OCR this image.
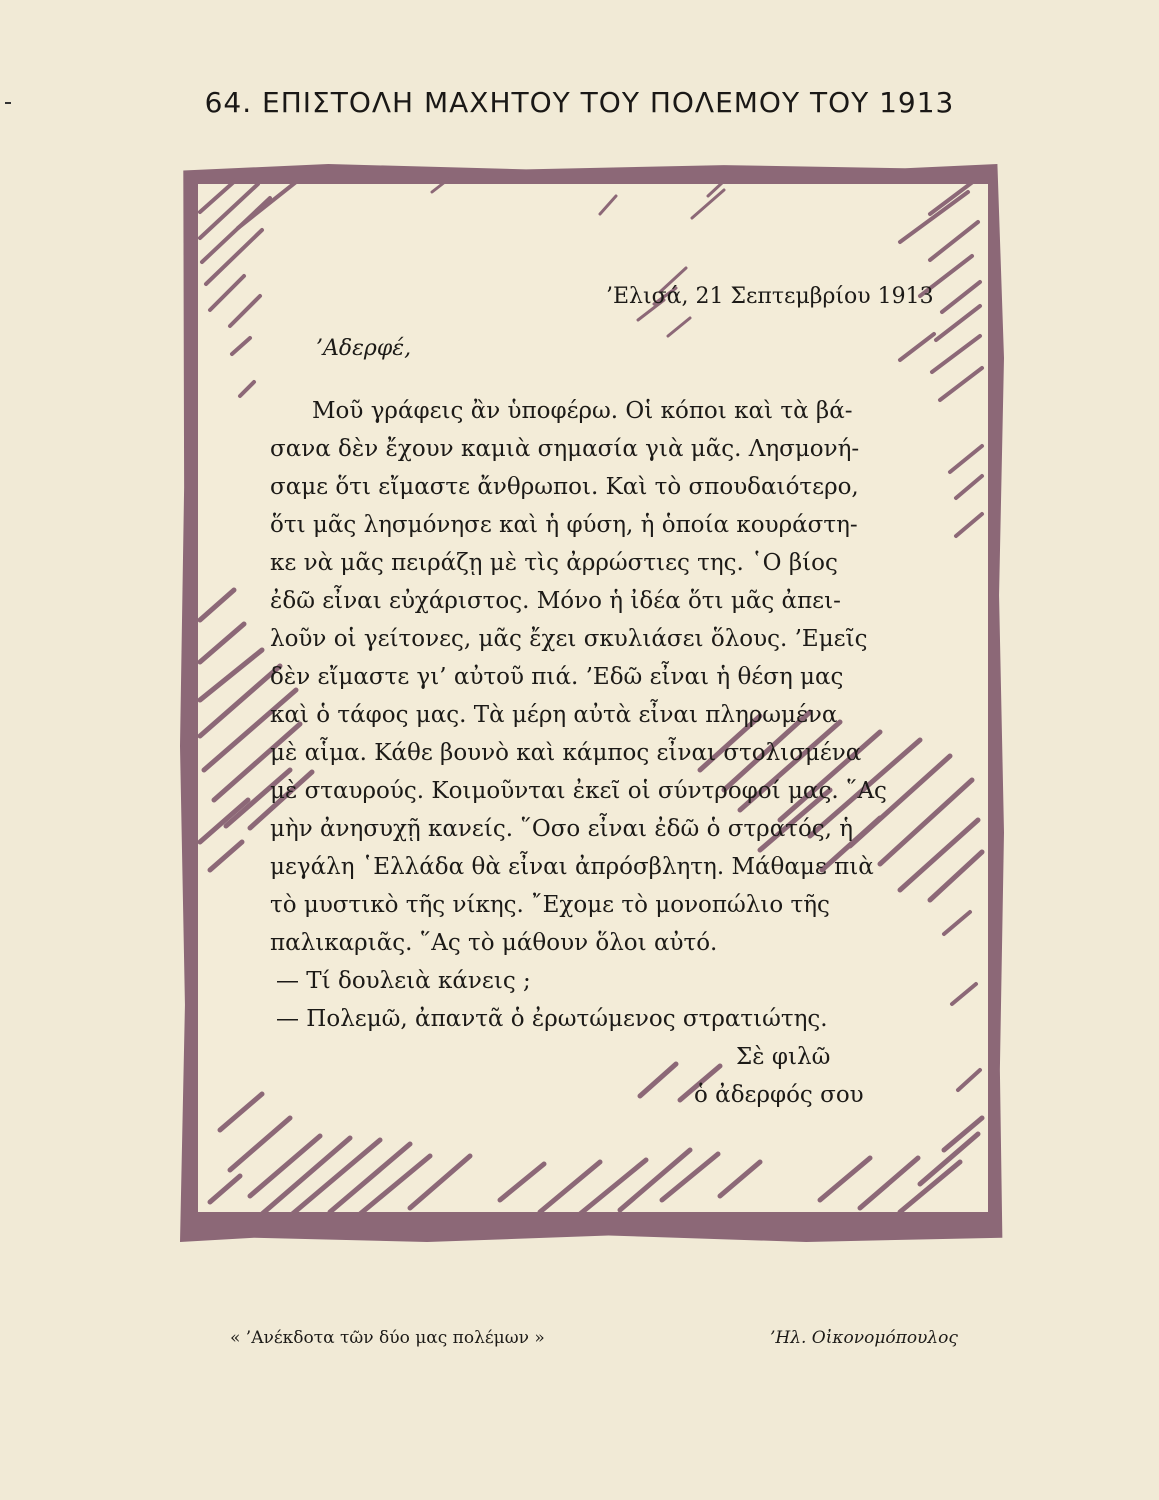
64. ΕΠΙΣΤΟΛΗ ΜΑΧΗΤΟΥ ΤΟΥ ΠΟΛΕΜΟΥ ΤΟΥ 1913
’Ελισά, 21 Σεπτεμβρίου 1913
’Αδερφέ,
Μοῦ γράφεις ἂν ὑποφέρω. Οἱ κόποι καὶ τὰ βά-
σανα δὲν ἔχουν καμιὰ σημασία γιὰ μᾶς. Λησμονή-
σαμε ὅτι εἴμαστε ἄνθρωποι. Καὶ τὸ σπουδαιότερο,
ὅτι μᾶς λησμόνησε καὶ ἡ φύση, ἡ ὁποία κουράστη-
κε νὰ μᾶς πειράζῃ μὲ τὶς ἀρρώστιες της. ῾Ο βίος
ἐδῶ εἶναι εὐχάριστος. Μόνο ἡ ἰδέα ὅτι μᾶς ἀπει-
λοῦν οἱ γείτονες, μᾶς ἔχει σκυλιάσει ὅλους. ’Εμεῖς
δὲν εἴμαστε γι’ αὐτοῦ πιά. ’Εδῶ εἶναι ἡ θέση μας
καὶ ὁ τάφος μας. Τὰ μέρη αὐτὰ εἶναι πληρωμένα
μὲ αἷμα. Κάθε βουνὸ καὶ κάμπος εἶναι στολισμένα
μὲ σταυρούς. Κοιμοῦνται ἐκεῖ οἱ σύντροφοί μας. ῞Ας
μὴν ἀνησυχῇ κανείς. ῞Οσο εἶναι ἐδῶ ὁ στρατός, ἡ
μεγάλη ῾Ελλάδα θὰ εἶναι ἀπρόσβλητη. Μάθαμε πιὰ
τὸ μυστικὸ τῆς νίκης. ῎Εχομε τὸ μονοπώλιο τῆς
παλικαριᾶς. ῞Ας τὸ μάθουν ὅλοι αὐτό.
— Τί δουλειὰ κάνεις ;
— Πολεμῶ, ἀπαντᾶ ὁ ἐρωτώμενος στρατιώτης.
Σὲ φιλῶ
ὁ ἀδερφός σου
« ’Ανέκδοτα τῶν δύο μας πολέμων »	’Ηλ. Οἰκονομόπουλος
